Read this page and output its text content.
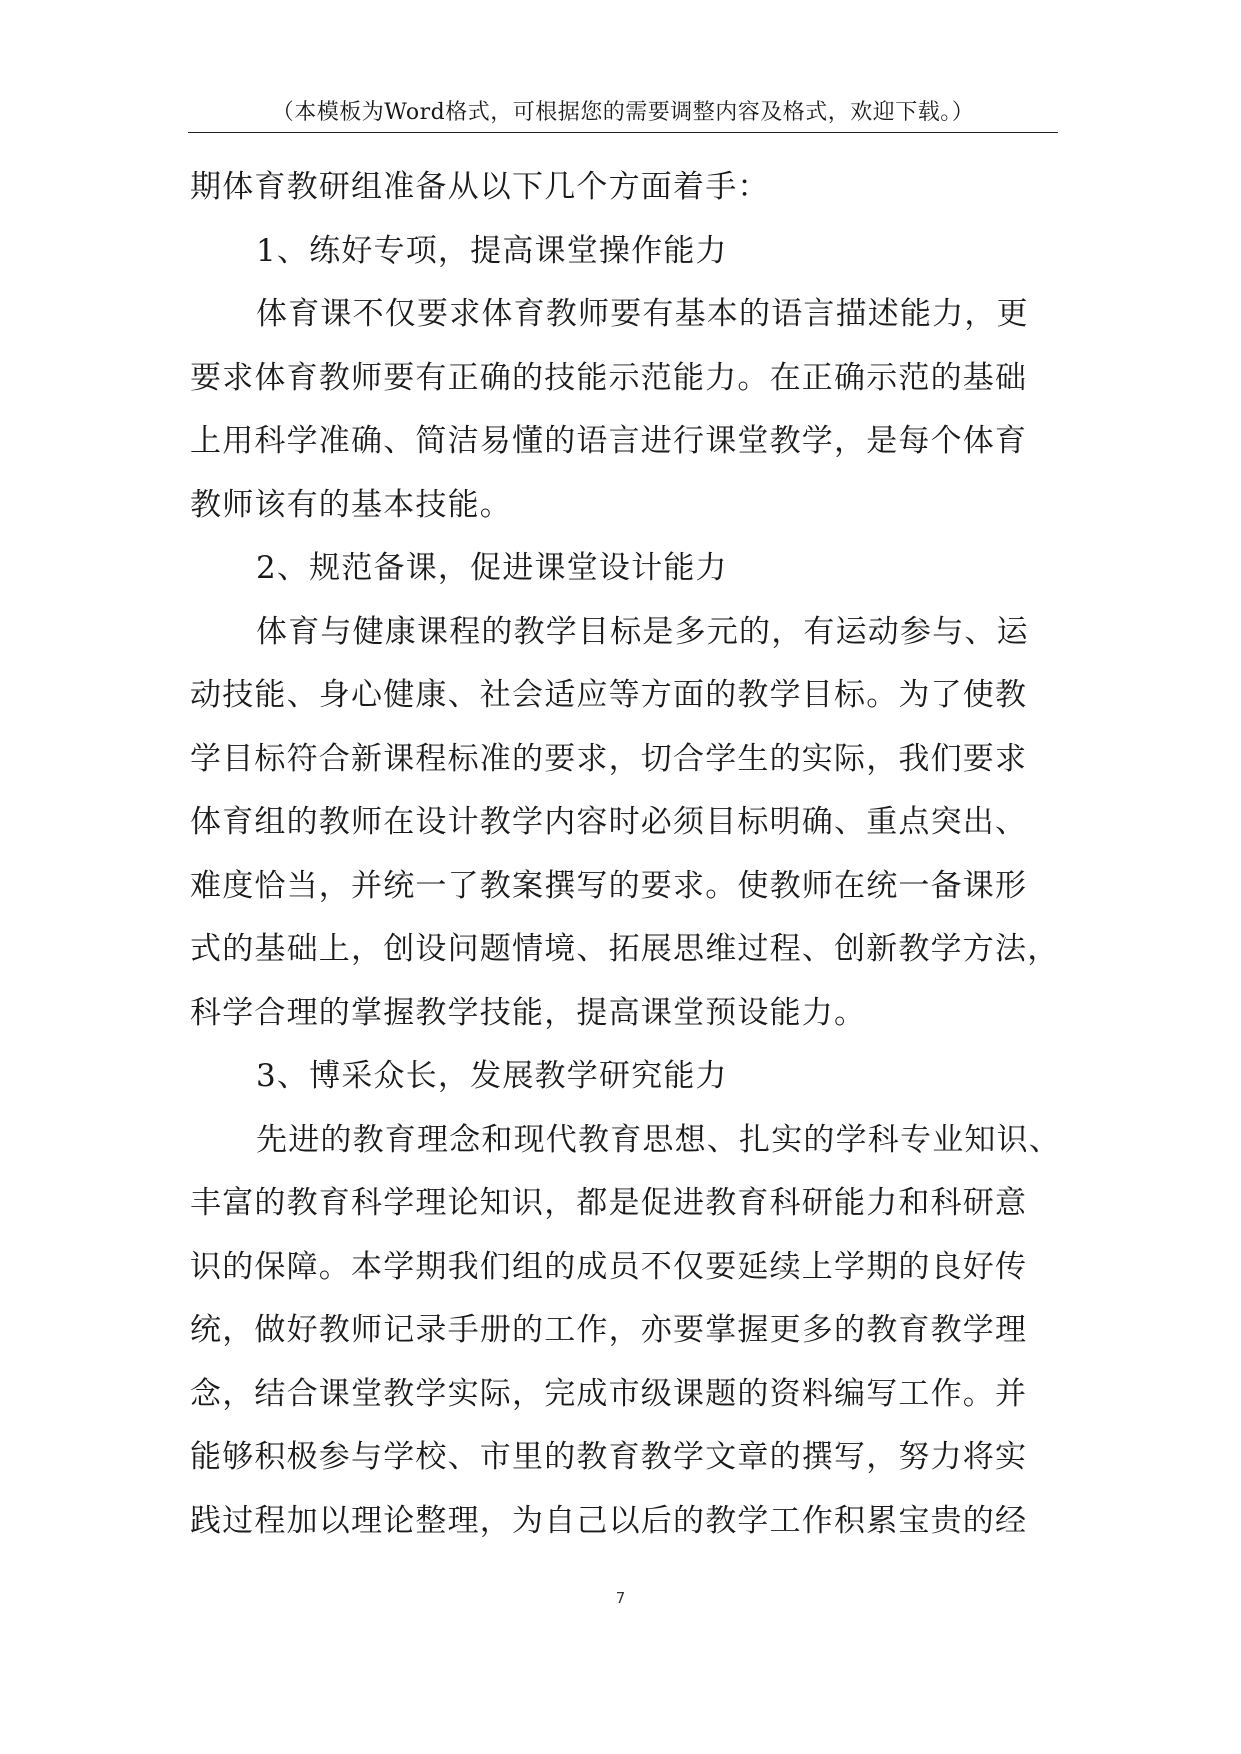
（本模板为Word格式，可根据您的需要调整内容及格式，欢迎下载。）
期体育教研组准备从以下几个方面着手：
1、练好专项，提高课堂操作能力
体育课不仅要求体育教师要有基本的语言描述能力，更
要求体育教师要有正确的技能示范能力。在正确示范的基础
上用科学准确、简洁易懂的语言进行课堂教学，是每个体育
教师该有的基本技能。
2、规范备课，促进课堂设计能力
体育与健康课程的教学目标是多元的，有运动参与、运
动技能、身心健康、社会适应等方面的教学目标。为了使教
学目标符合新课程标准的要求，切合学生的实际，我们要求
体育组的教师在设计教学内容时必须目标明确、重点突出、
难度恰当，并统一了教案撰写的要求。使教师在统一备课形
式的基础上，创设问题情境、拓展思维过程、创新教学方法，
科学合理的掌握教学技能，提高课堂预设能力。
3、博采众长，发展教学研究能力
先进的教育理念和现代教育思想、扎实的学科专业知识、
丰富的教育科学理论知识，都是促进教育科研能力和科研意
识的保障。本学期我们组的成员不仅要延续上学期的良好传
统，做好教师记录手册的工作，亦要掌握更多的教育教学理
念，结合课堂教学实际，完成市级课题的资料编写工作。并
能够积极参与学校、市里的教育教学文章的撰写，努力将实
践过程加以理论整理，为自己以后的教学工作积累宝贵的经
7
